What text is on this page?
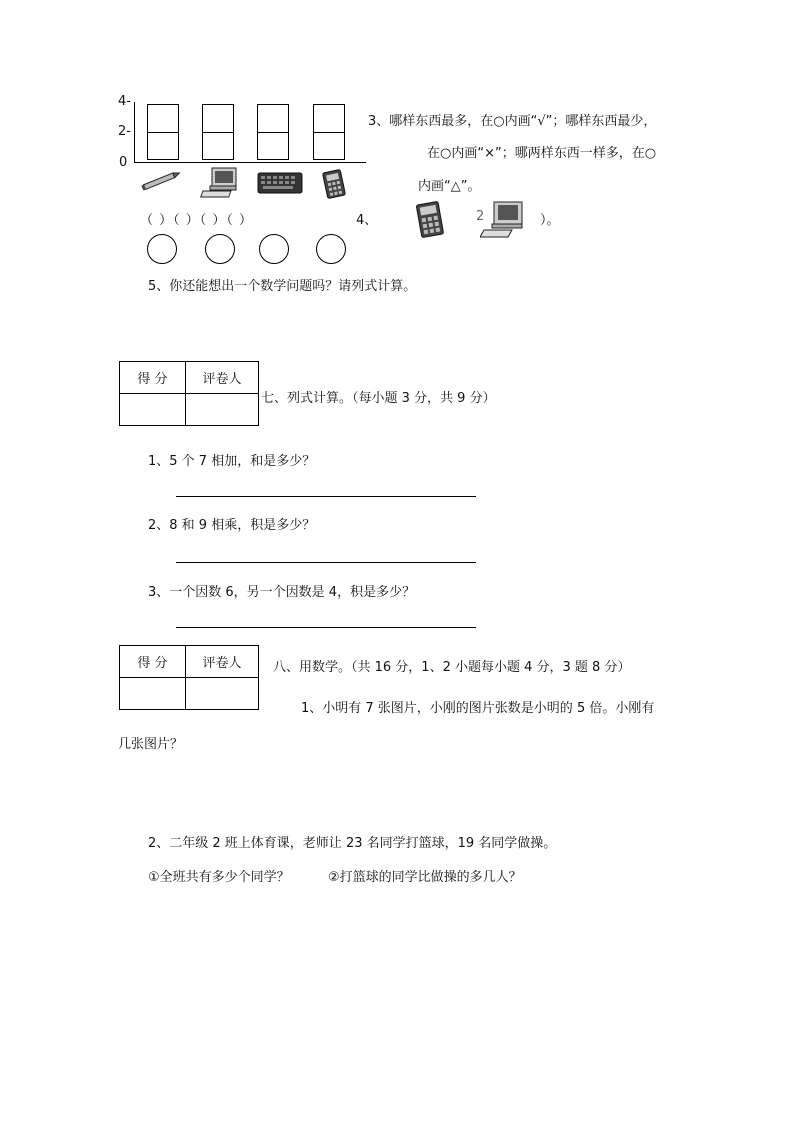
4-
2-
0
（ ）（ ）（ ）（ ）
3、哪样东西最多，在○内画“√”；哪样东西最少，
在○内画“×”；哪两样东西一样多，在○
内画“△”。
4、	2	）。
5、你还能想出一个数学问题吗？请列式计算。
得 分	评卷人

七、列式计算。（每小题 3 分，共 9 分）
1、5 个 7 相加，和是多少？
2、8 和 9 相乘，积是多少？
3、一个因数 6，另一个因数是 4，积是多少？
得 分	评卷人
	八、用数学。（共 16 分，1、2 小题每小题 4 分，3 题 8 分）
1、小明有 7 张图片，小刚的图片张数是小明的 5 倍。小刚有
几张图片？
2、二年级 2 班上体育课，老师让 23 名同学打篮球，19 名同学做操。
①全班共有多少个同学？	②打篮球的同学比做操的多几人？
